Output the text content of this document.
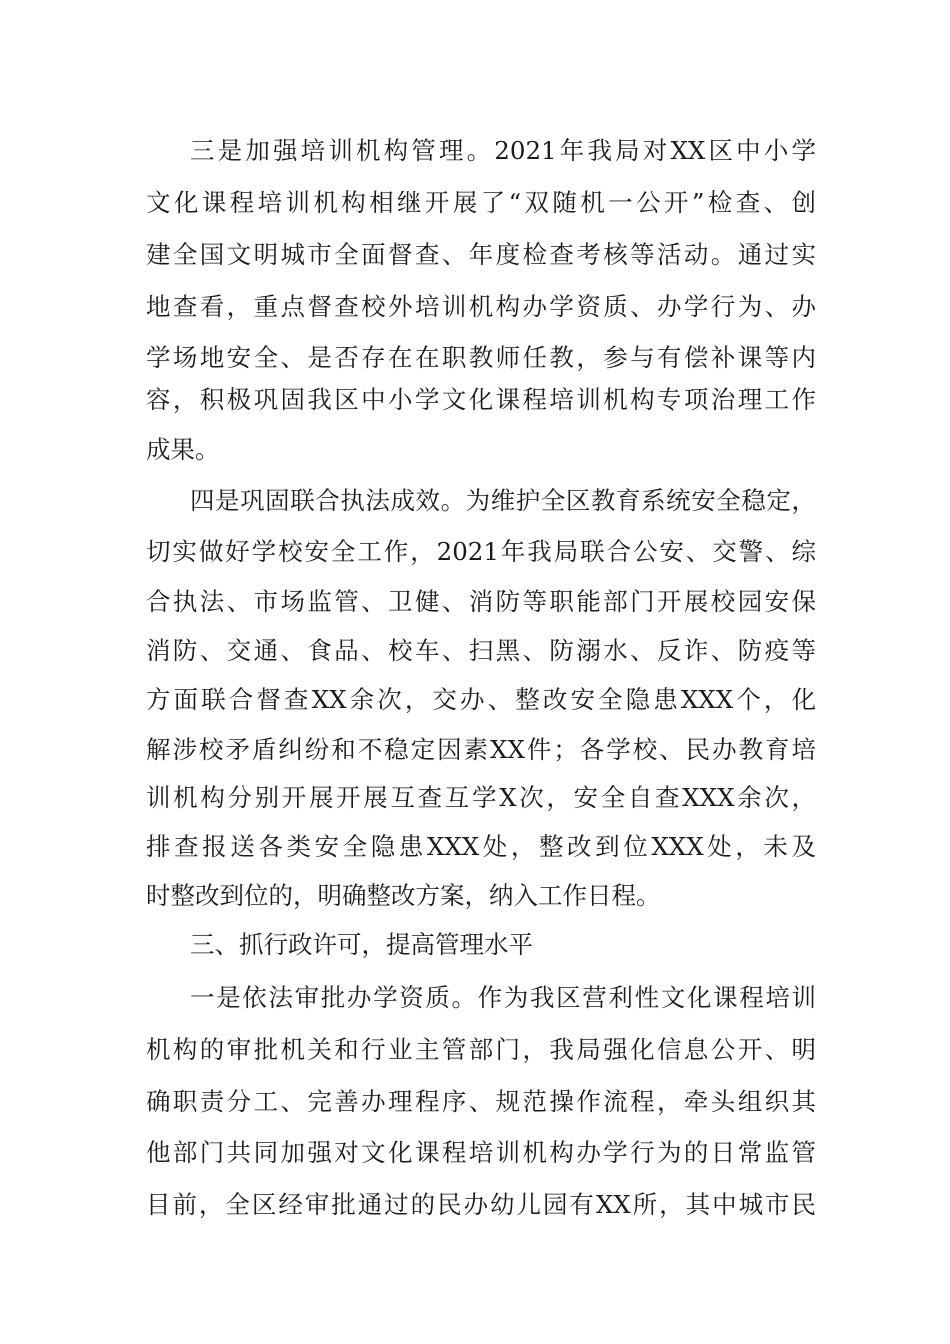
三是加强培训机构管理。2021年我局对XX区中小学

文化课程培训机构相继开展了“双随机一公开”检查、创

建全国文明城市全面督查、年度检查考核等活动。通过实

地查看，重点督查校外培训机构办学资质、办学行为、办

学场地安全、是否存在在职教师任教，参与有偿补课等内

容，积极巩固我区中小学文化课程培训机构专项治理工作

成果。

四是巩固联合执法成效。为维护全区教育系统安全稳定，

切实做好学校安全工作，2021年我局联合公安、交警、综

合执法、市场监管、卫健、消防等职能部门开展校园安保

消防、交通、食品、校车、扫黑、防溺水、反诈、防疫等

方面联合督查XX余次，交办、整改安全隐患XXX个，化

解涉校矛盾纠纷和不稳定因素XX件；各学校、民办教育培

训机构分别开展开展互查互学X次，安全自查XXX余次，

排查报送各类安全隐患XXX处，整改到位XXX处，未及

时整改到位的，明确整改方案，纳入工作日程。

三、抓行政许可，提高管理水平

一是依法审批办学资质。作为我区营利性文化课程培训

机构的审批机关和行业主管部门，我局强化信息公开、明

确职责分工、完善办理程序、规范操作流程，牵头组织其

他部门共同加强对文化课程培训机构办学行为的日常监管

目前，全区经审批通过的民办幼儿园有XX所，其中城市民
